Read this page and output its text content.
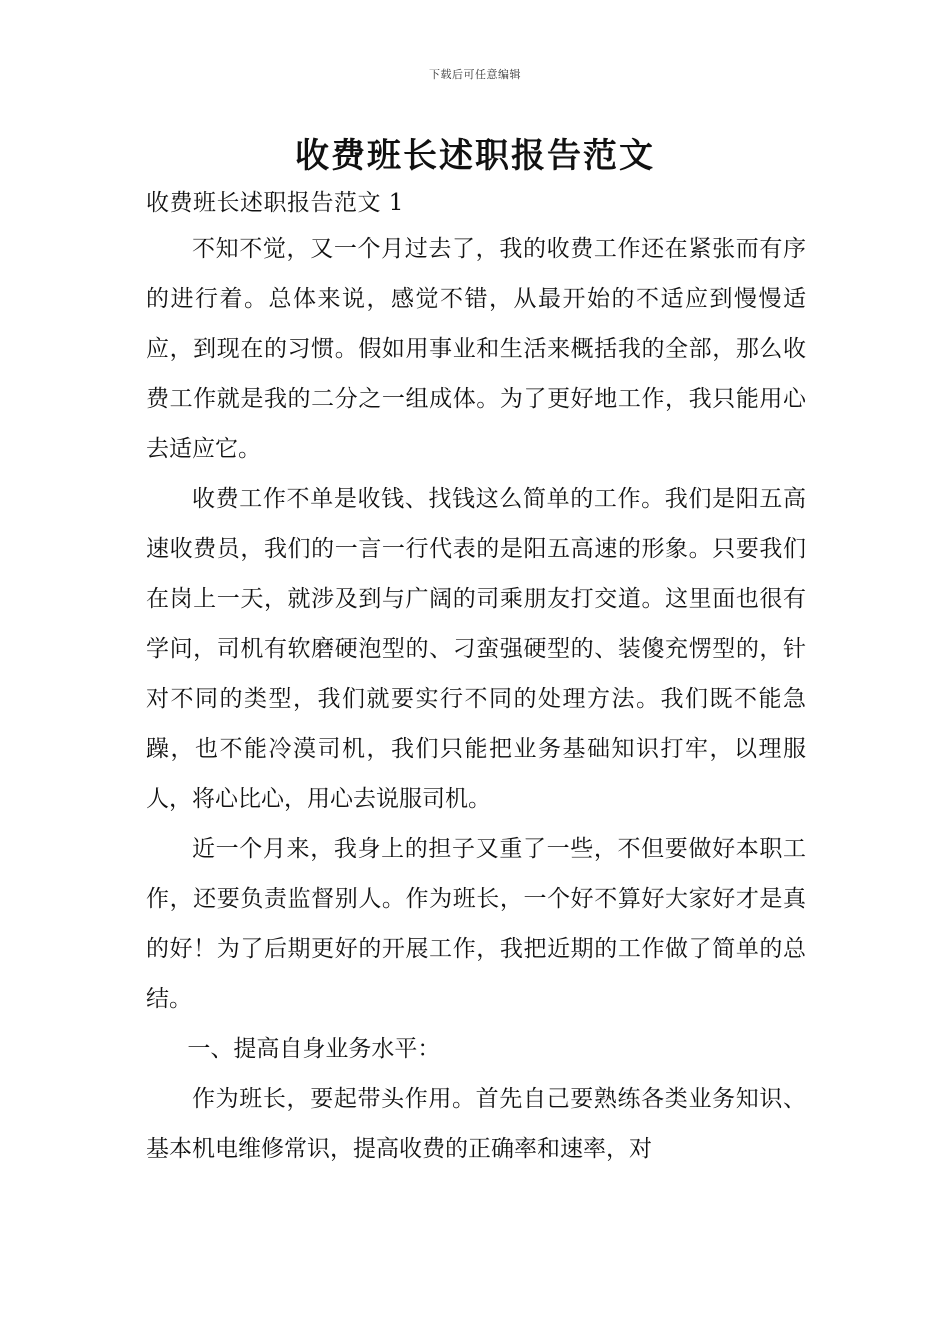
下载后可任意编辑
收费班长述职报告范文
收费班长述职报告范文 1

不知不觉，又一个月过去了，我的收费工作还在紧张而有序的进行着。总体来说，感觉不错，从最开始的不适应到慢慢适应，到现在的习惯。假如用事业和生活来概括我的全部，那么收费工作就是我的二分之一组成体。为了更好地工作，我只能用心去适应它。

收费工作不单是收钱、找钱这么简单的工作。我们是阳五高速收费员，我们的一言一行代表的是阳五高速的形象。只要我们在岗上一天，就涉及到与广阔的司乘朋友打交道。这里面也很有学问，司机有软磨硬泡型的、刁蛮强硬型的、装傻充愣型的，针对不同的类型，我们就要实行不同的处理方法。我们既不能急躁，也不能冷漠司机，我们只能把业务基础知识打牢，以理服人，将心比心，用心去说服司机。

近一个月来，我身上的担子又重了一些，不但要做好本职工作，还要负责监督别人。作为班长，一个好不算好大家好才是真的好！为了后期更好的开展工作，我把近期的工作做了简单的总结。

一、提高自身业务水平：

作为班长，要起带头作用。首先自己要熟练各类业务知识、基本机电维修常识，提高收费的正确率和速率，对
